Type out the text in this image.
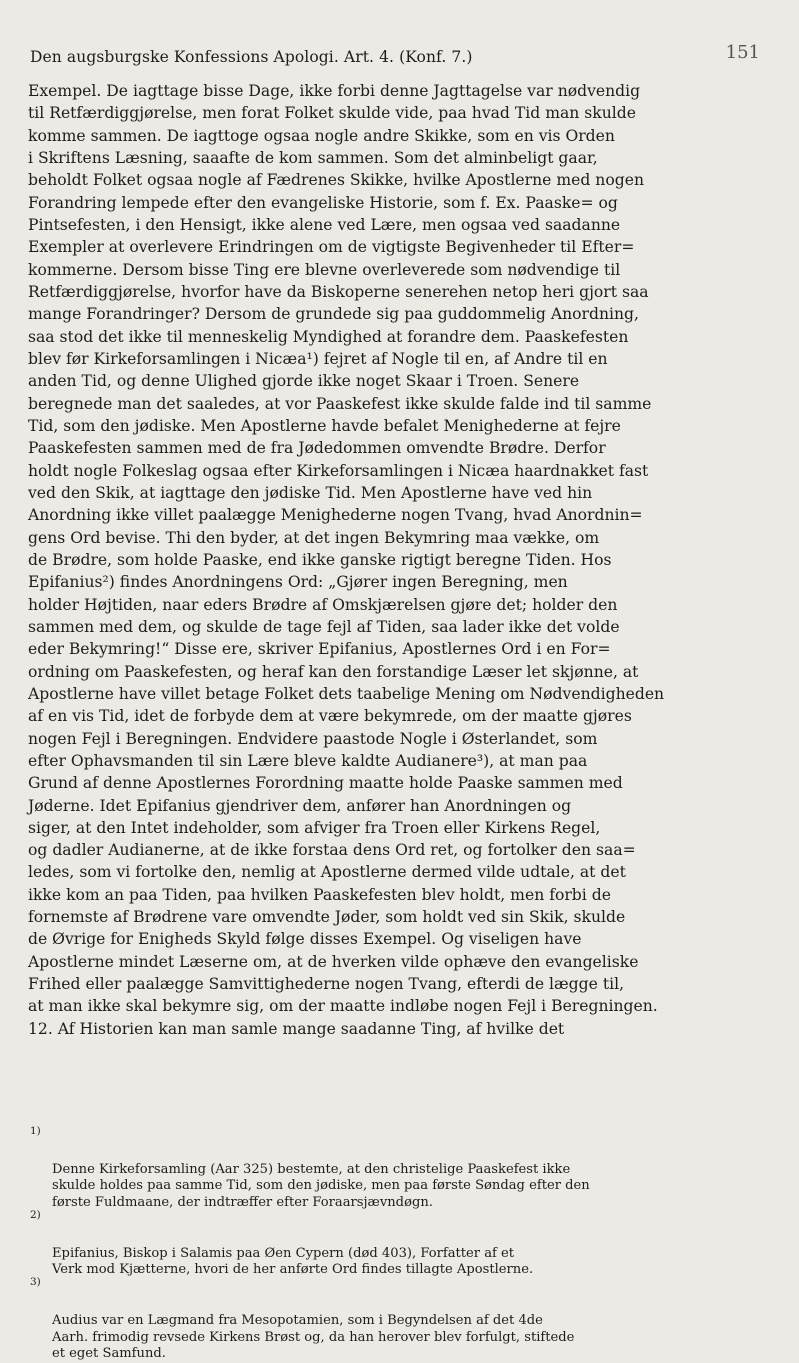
Den augsburgske Konfessions Apologi. Art. 4. (Konf. 7.)	151
Exempel. De iagttage bisse Dage, ikke forbi denne Jagttagelse var nødvendig
til Retfærdiggjørelse, men forat Folket skulde vide, paa hvad Tid man skulde
komme sammen. De iagttoge ogsaa nogle andre Skikke, som en vis Orden
i Skriftens Læsning, saaafte de kom sammen. Som det alminbeligt gaar,
beholdt Folket ogsaa nogle af Fædrenes Skikke, hvilke Apostlerne med nogen
Forandring lempede efter den evangeliske Historie, som f. Ex. Paaske= og
Pintsefesten, i den Hensigt, ikke alene ved Lære, men ogsaa ved saadanne
Exempler at overlevere Erindringen om de vigtigste Begivenheder til Efter=
kommerne. Dersom bisse Ting ere blevne overleverede som nødvendige til
Retfærdiggjørelse, hvorfor have da Biskoperne senerehen netop heri gjort saa
mange Forandringer? Dersom de grundede sig paa guddommelig Anordning,
saa stod det ikke til menneskelig Myndighed at forandre dem. Paaskefesten
blev før Kirkeforsamlingen i Nicæa¹) fejret af Nogle til en, af Andre til en
anden Tid, og denne Ulighed gjorde ikke noget Skaar i Troen. Senere
beregnede man det saaledes, at vor Paaskefest ikke skulde falde ind til samme
Tid, som den jødiske. Men Apostlerne havde befalet Menighederne at fejre
Paaskefesten sammen med de fra Jødedommen omvendte Brødre. Derfor
holdt nogle Folkeslag ogsaa efter Kirkeforsamlingen i Nicæa haardnakket fast
ved den Skik, at iagttage den jødiske Tid. Men Apostlerne have ved hin
Anordning ikke villet paalægge Menighederne nogen Tvang, hvad Anordnin=
gens Ord bevise. Thi den byder, at det ingen Bekymring maa vække, om
de Brødre, som holde Paaske, end ikke ganske rigtigt beregne Tiden. Hos
Epifanius²) findes Anordningens Ord: „Gjører ingen Beregning, men
holder Højtiden, naar eders Brødre af Omskjærelsen gjøre det; holder den
sammen med dem, og skulde de tage fejl af Tiden, saa lader ikke det volde
eder Bekymring!“ Disse ere, skriver Epifanius, Apostlernes Ord i en For=
ordning om Paaskefesten, og heraf kan den forstandige Læser let skjønne, at
Apostlerne have villet betage Folket dets taabelige Mening om Nødvendigheden
af en vis Tid, idet de forbyde dem at være bekymrede, om der maatte gjøres
nogen Fejl i Beregningen. Endvidere paastode Nogle i Østerlandet, som
efter Ophavsmanden til sin Lære bleve kaldte Audianere³), at man paa
Grund af denne Apostlernes Forordning maatte holde Paaske sammen med
Jøderne. Idet Epifanius gjendriver dem, anfører han Anordningen og
siger, at den Intet indeholder, som afviger fra Troen eller Kirkens Regel,
og dadler Audianerne, at de ikke forstaa dens Ord ret, og fortolker den saa=
ledes, som vi fortolke den, nemlig at Apostlerne dermed vilde udtale, at det
ikke kom an paa Tiden, paa hvilken Paaskefesten blev holdt, men forbi de
fornemste af Brødrene vare omvendte Jøder, som holdt ved sin Skik, skulde
de Øvrige for Enigheds Skyld følge disses Exempel. Og viseligen have
Apostlerne mindet Læserne om, at de hverken vilde ophæve den evangeliske
Frihed eller paalægge Samvittighederne nogen Tvang, efterdi de lægge til,
at man ikke skal bekymre sig, om der maatte indløbe nogen Fejl i Beregningen.
12. Af Historien kan man samle mange saadanne Ting, af hvilke det

1)

Denne Kirkeforsamling (Aar 325) bestemte, at den christelige Paaskefest ikke
skulde holdes paa samme Tid, som den jødiske, men paa første Søndag efter den
første Fuldmaane, der indtræffer efter Foraarsjævndøgn.

2)

Epifanius, Biskop i Salamis paa Øen Cypern (død 403), Forfatter af et
Verk mod Kjætterne, hvori de her anførte Ord findes tillagte Apostlerne.

3)

Audius var en Lægmand fra Mesopotamien, som i Begyndelsen af det 4de
Aarh. frimodig revsede Kirkens Brøst og, da han herover blev forfulgt, stiftede
et eget Samfund.
